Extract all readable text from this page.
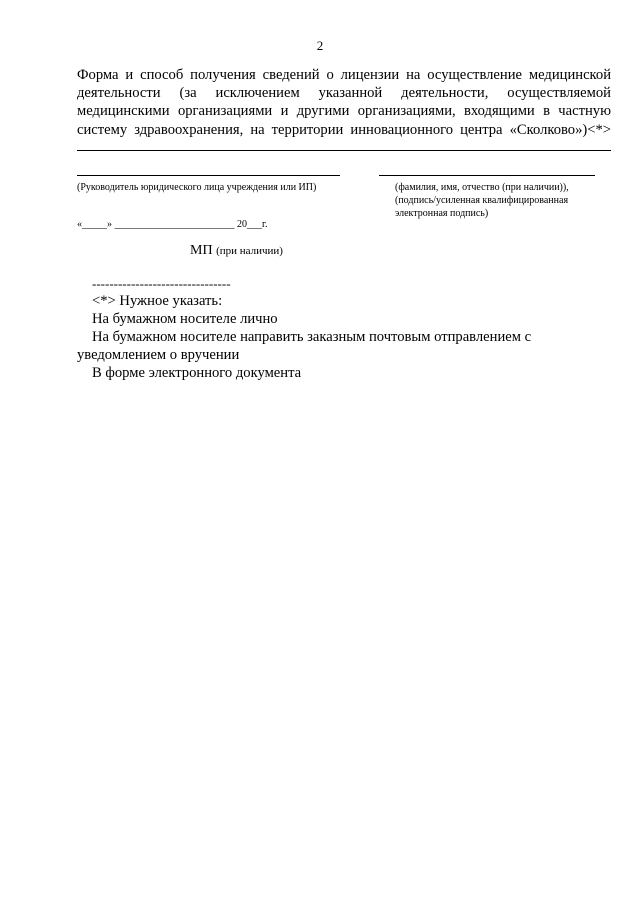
2
Форма и способ получения сведений о лицензии на осуществление медицинской
деятельности (за исключением указанной деятельности, осуществляемой
медицинскими организациями и другими организациями, входящими в частную
систему здравоохранения, на территории инновационного центра «Сколково»)<*>
(Руководитель юридического лица учреждения или ИП)	(фамилия, имя, отчество (при наличии)),
(подпись/усиленная квалифицированная
электронная подпись)
«_____» ________________________ 20___г.
МП (при наличии)
--------------------------------
<*> Нужное указать:
На бумажном носителе лично
На бумажном носителе направить заказным почтовым отправлением с
уведомлением о вручении
В форме электронного документа
